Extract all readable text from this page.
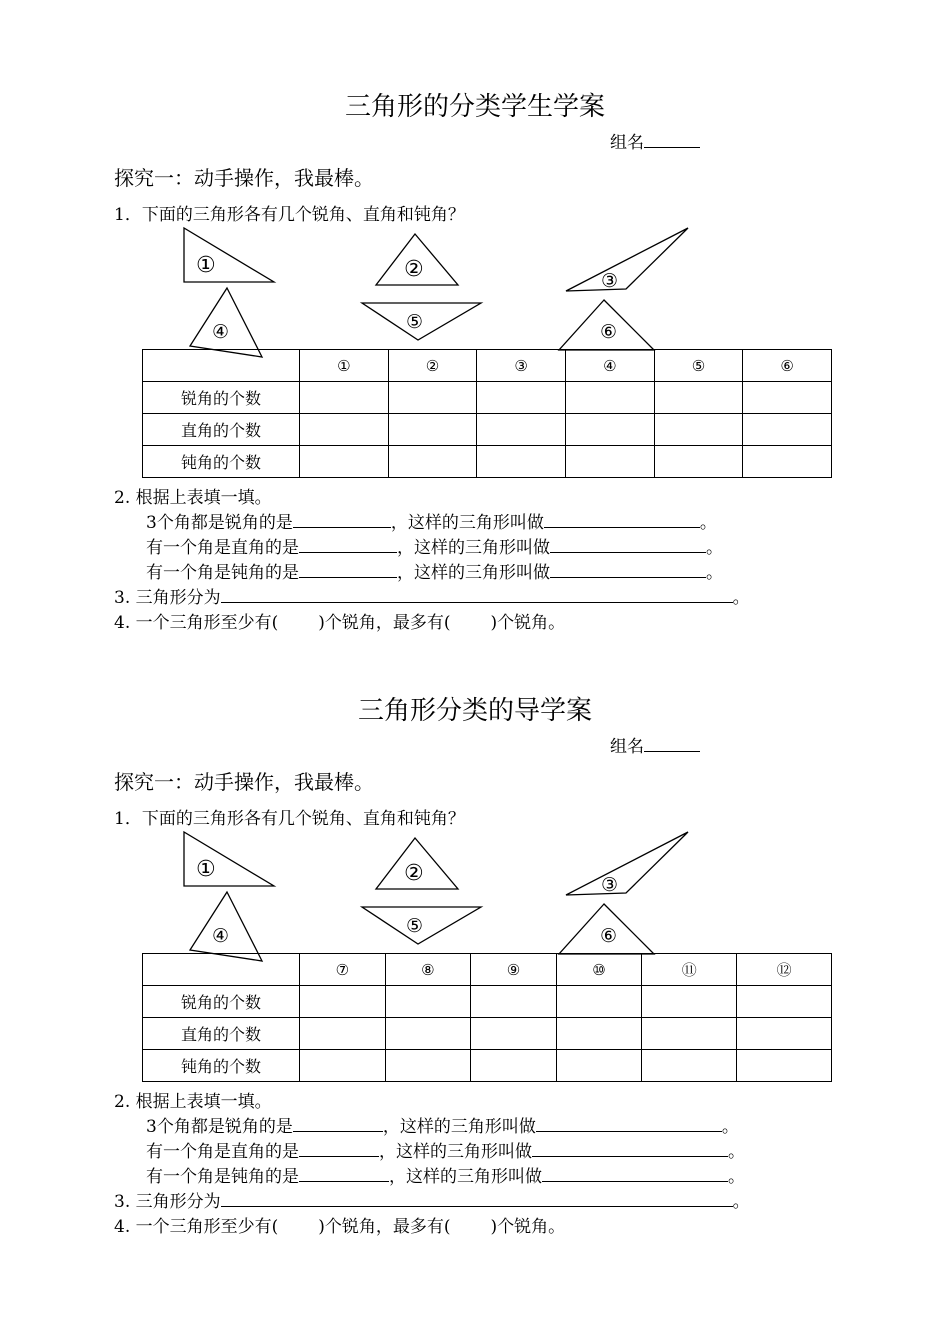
三角形的分类学生学案
组名
探究一：动手操作，我最棒。
1．下面的三角形各有几个锐角、直角和钝角？
①	②	③
④	⑤	⑥
	①	②	③	④	⑤	⑥
锐角的个数						
直角的个数						
钝角的个数						
2. 根据上表填一填。
3个角都是锐角的是	，这样的三角形叫做	。
有一个角是直角的是	，这样的三角形叫做	。
有一个角是钝角的是	，这样的三角形叫做	。
3. 三角形分为	。
4. 一个三角形至少有( )个锐角，最多有( )个锐角。
三角形分类的导学案
组名
探究一：动手操作，我最棒。
1．下面的三角形各有几个锐角、直角和钝角？
①	②	③
④	⑤	⑥
	⑦	⑧	⑨	⑩	⑪	⑫
锐角的个数						
直角的个数						
钝角的个数						
2. 根据上表填一填。
3个角都是锐角的是	，这样的三角形叫做	。
有一个角是直角的是	，这样的三角形叫做	。
有一个角是钝角的是	，这样的三角形叫做	。
3. 三角形分为	。
4. 一个三角形至少有( )个锐角，最多有( )个锐角。
